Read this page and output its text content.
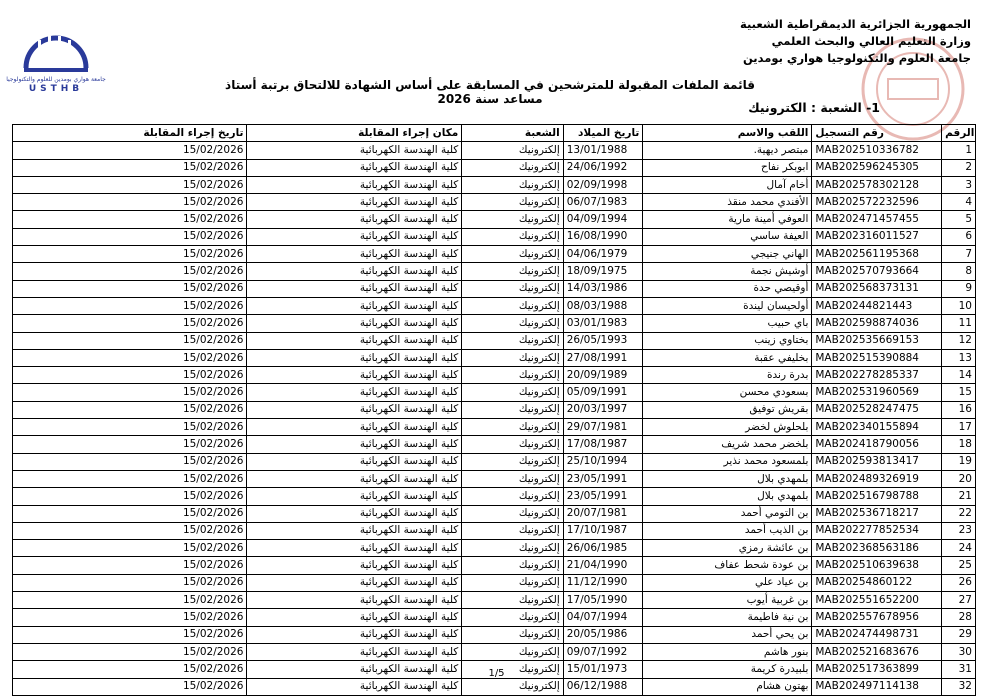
جامعة هواري بومدين للعلوم والتكنولوجيا
USTHB
الجمهورية الجزائرية الديمقراطية الشعبية
وزارة التعليم العالي والبحث العلمي
جامعة العلوم والتكنولوجيا هواري بومدين
قائمة الملفات المقبولة للمترشحين في المسابقة على أساس الشهادة للالتحاق برتبة أستاذ مساعد سنة 2026
1- الشعبة : الكترونيك
تاريخ إجراء المقابلة	مكان إجراء المقابلة	الشعبة	تاريخ الميلاد	اللقب والاسم	رقم التسجيل	الرقم
15/02/2026	كلية الهندسة الكهربائية	إلكترونيك	13/01/1988	مبتصر ديهية.	MAB202510336782	1
15/02/2026	كلية الهندسة الكهربائية	إلكترونيك	24/06/1992	ابوبكر نفاح	MAB202596245305	2
15/02/2026	كلية الهندسة الكهربائية	إلكترونيك	02/09/1998	أخام آمال	MAB202578302128	3
15/02/2026	كلية الهندسة الكهربائية	إلكترونيك	06/07/1983	الأفندي محمد منقذ	MAB202572232596	4
15/02/2026	كلية الهندسة الكهربائية	إلكترونيك	04/09/1994	العوفي أمينة مارية	MAB202471457455	5
15/02/2026	كلية الهندسة الكهربائية	إلكترونيك	16/08/1990	العيفة ساسي	MAB202316011527	6
15/02/2026	كلية الهندسة الكهربائية	إلكترونيك	04/06/1979	الهاني جنيجي	MAB202561195368	7
15/02/2026	كلية الهندسة الكهربائية	إلكترونيك	18/09/1975	أوشيش نجمة	MAB202570793664	8
15/02/2026	كلية الهندسة الكهربائية	إلكترونيك	14/03/1986	أوقيصي حدة	MAB202568373131	9
15/02/2026	كلية الهندسة الكهربائية	إلكترونيك	08/03/1988	أولحيسان ليندة	MAB20244821443	10
15/02/2026	كلية الهندسة الكهربائية	إلكترونيك	03/01/1983	باي حبيب	MAB202598874036	11
15/02/2026	كلية الهندسة الكهربائية	إلكترونيك	26/05/1993	بختاوي زينب	MAB202535669153	12
15/02/2026	كلية الهندسة الكهربائية	إلكترونيك	27/08/1991	بخليفي عقبة	MAB202515390884	13
15/02/2026	كلية الهندسة الكهربائية	إلكترونيك	20/09/1989	بدرة رندة	MAB202278285337	14
15/02/2026	كلية الهندسة الكهربائية	إلكترونيك	05/09/1991	بسعودي محسن	MAB202531960569	15
15/02/2026	كلية الهندسة الكهربائية	إلكترونيك	20/03/1997	بقريش توفيق	MAB202528247475	16
15/02/2026	كلية الهندسة الكهربائية	إلكترونيك	29/07/1981	بلحلوش لخضر	MAB202340155894	17
15/02/2026	كلية الهندسة الكهربائية	إلكترونيك	17/08/1987	بلخضر محمد شريف	MAB202418790056	18
15/02/2026	كلية الهندسة الكهربائية	إلكترونيك	25/10/1994	بلمسعود محمد نذير	MAB202593813417	19
15/02/2026	كلية الهندسة الكهربائية	إلكترونيك	23/05/1991	بلمهدي بلال	MAB202489326919	20
15/02/2026	كلية الهندسة الكهربائية	إلكترونيك	23/05/1991	بلمهدي بلال	MAB202516798788	21
15/02/2026	كلية الهندسة الكهربائية	إلكترونيك	20/07/1981	بن التومي أحمد	MAB202536718217	22
15/02/2026	كلية الهندسة الكهربائية	إلكترونيك	17/10/1987	بن الذيب أحمد	MAB202277852534	23
15/02/2026	كلية الهندسة الكهربائية	إلكترونيك	26/06/1985	بن عائشة رمزي	MAB202368563186	24
15/02/2026	كلية الهندسة الكهربائية	إلكترونيك	21/04/1990	بن عودة شحط عفاف	MAB202510639638	25
15/02/2026	كلية الهندسة الكهربائية	إلكترونيك	11/12/1990	بن عياد علي	MAB20254860122	26
15/02/2026	كلية الهندسة الكهربائية	إلكترونيك	17/05/1990	بن غربية أيوب	MAB202551652200	27
15/02/2026	كلية الهندسة الكهربائية	إلكترونيك	04/07/1994	بن نية فاطيمة	MAB202557678956	28
15/02/2026	كلية الهندسة الكهربائية	إلكترونيك	20/05/1986	بن يحي أحمد	MAB202474498731	29
15/02/2026	كلية الهندسة الكهربائية	إلكترونيك	09/07/1992	بنور هاشم	MAB202521683676	30
15/02/2026	كلية الهندسة الكهربائية	إلكترونيك	15/01/1973	بلبيدرة كريمة	MAB202517363899	31
15/02/2026	كلية الهندسة الكهربائية	إلكترونيك	06/12/1988	بهتون هشام	MAB202497114138	32
1/5
